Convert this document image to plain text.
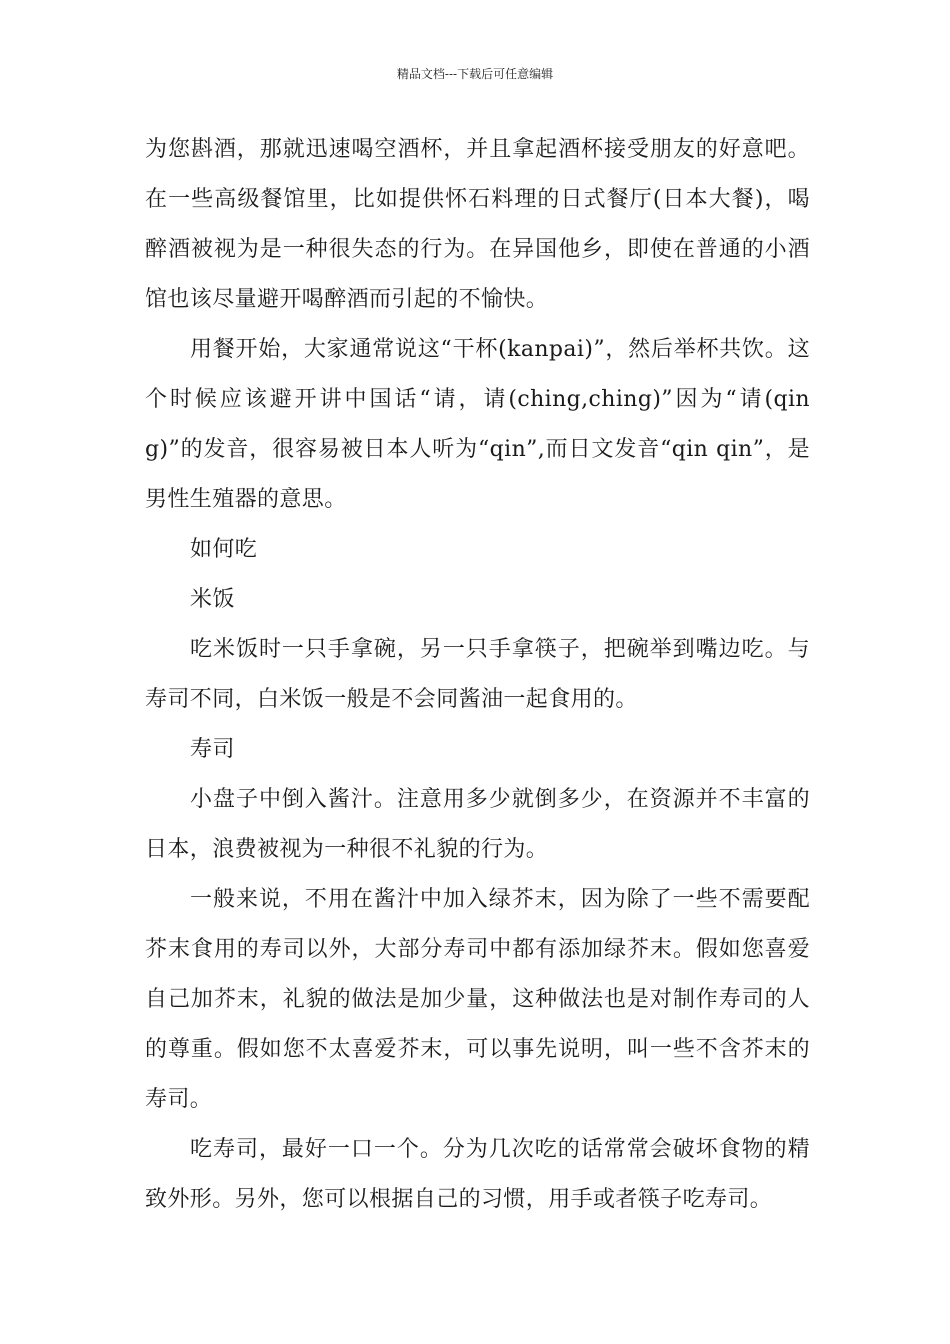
精品文档---下载后可任意编辑

为您斟酒，那就迅速喝空酒杯，并且拿起酒杯接受朋友的好意吧。在一些高级餐馆里，比如提供怀石料理的日式餐厅(日本大餐)，喝醉酒被视为是一种很失态的行为。在异国他乡，即使在普通的小酒馆也该尽量避开喝醉酒而引起的不愉快。

用餐开始，大家通常说这“干杯(kanpai)”，然后举杯共饮。这个时候应该避开讲中国话“请，请(ching,ching)”因为“请(qing)”的发音，很容易被日本人听为“qin”,而日文发音“qin qin”，是男性生殖器的意思。

如何吃

米饭

吃米饭时一只手拿碗，另一只手拿筷子，把碗举到嘴边吃。与寿司不同，白米饭一般是不会同酱油一起食用的。

寿司

小盘子中倒入酱汁。注意用多少就倒多少，在资源并不丰富的日本，浪费被视为一种很不礼貌的行为。

一般来说，不用在酱汁中加入绿芥末，因为除了一些不需要配芥末食用的寿司以外，大部分寿司中都有添加绿芥末。假如您喜爱自己加芥末，礼貌的做法是加少量，这种做法也是对制作寿司的人的尊重。假如您不太喜爱芥末，可以事先说明，叫一些不含芥末的寿司。

吃寿司，最好一口一个。分为几次吃的话常常会破坏食物的精致外形。另外，您可以根据自己的习惯，用手或者筷子吃寿司。
